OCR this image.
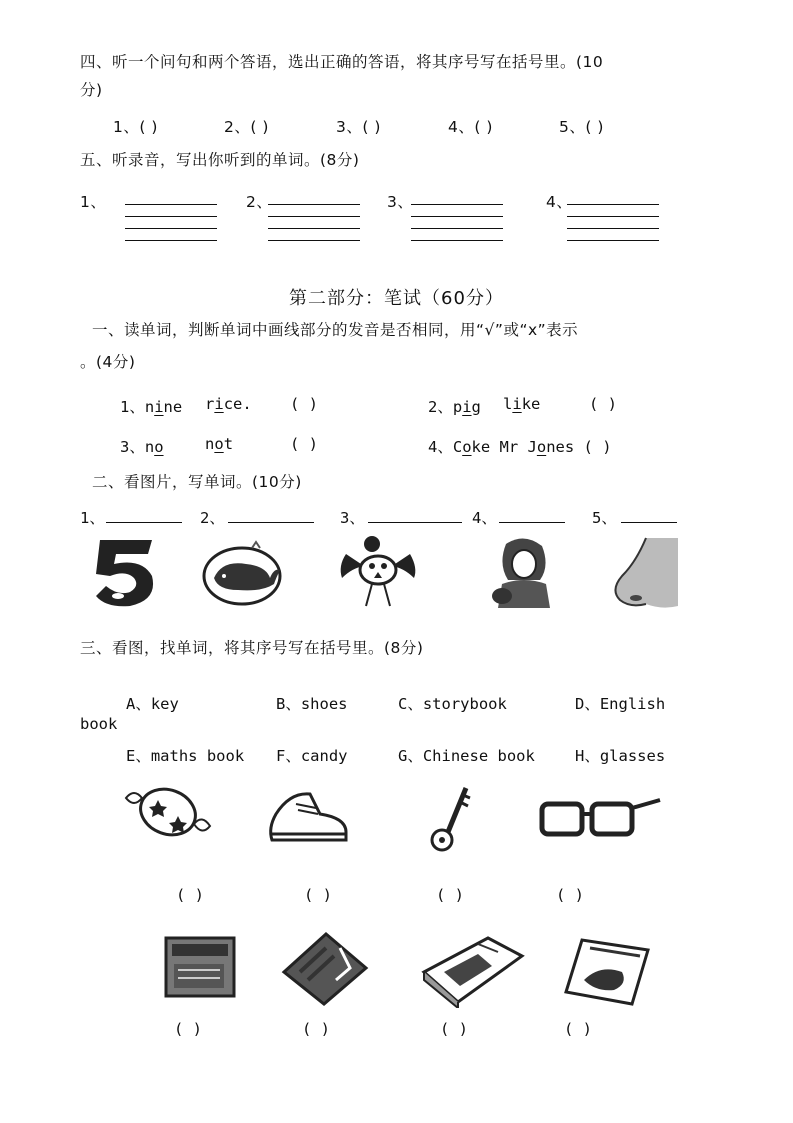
四、听一个问句和两个答语，选出正确的答语，将其序号写在括号里。(10
分)
1、( )	2、( )	3、( )	4、( )	5、( )
五、听录音，写出你听到的单词。(8分)
1、	2、	3、	4、
第二部分：笔试（60分）
一、读单词，判断单词中画线部分的发音是否相同，用“√”或“x”表示
。(4分)
1、nine rice. ( )	2、pig like	( )
3、no	not	( )	4、Coke Mr Jones ( )
二、看图片，写单词。(10分)
1、	2、	3、	4、	5、
三、看图，找单词，将其序号写在括号里。(8分)
A、key	B、shoes	C、storybook	D、English
book
E、maths book F、candy	G、Chinese book	H、glasses
( )	( )	( )	( )
( )	( )	( )	( )
